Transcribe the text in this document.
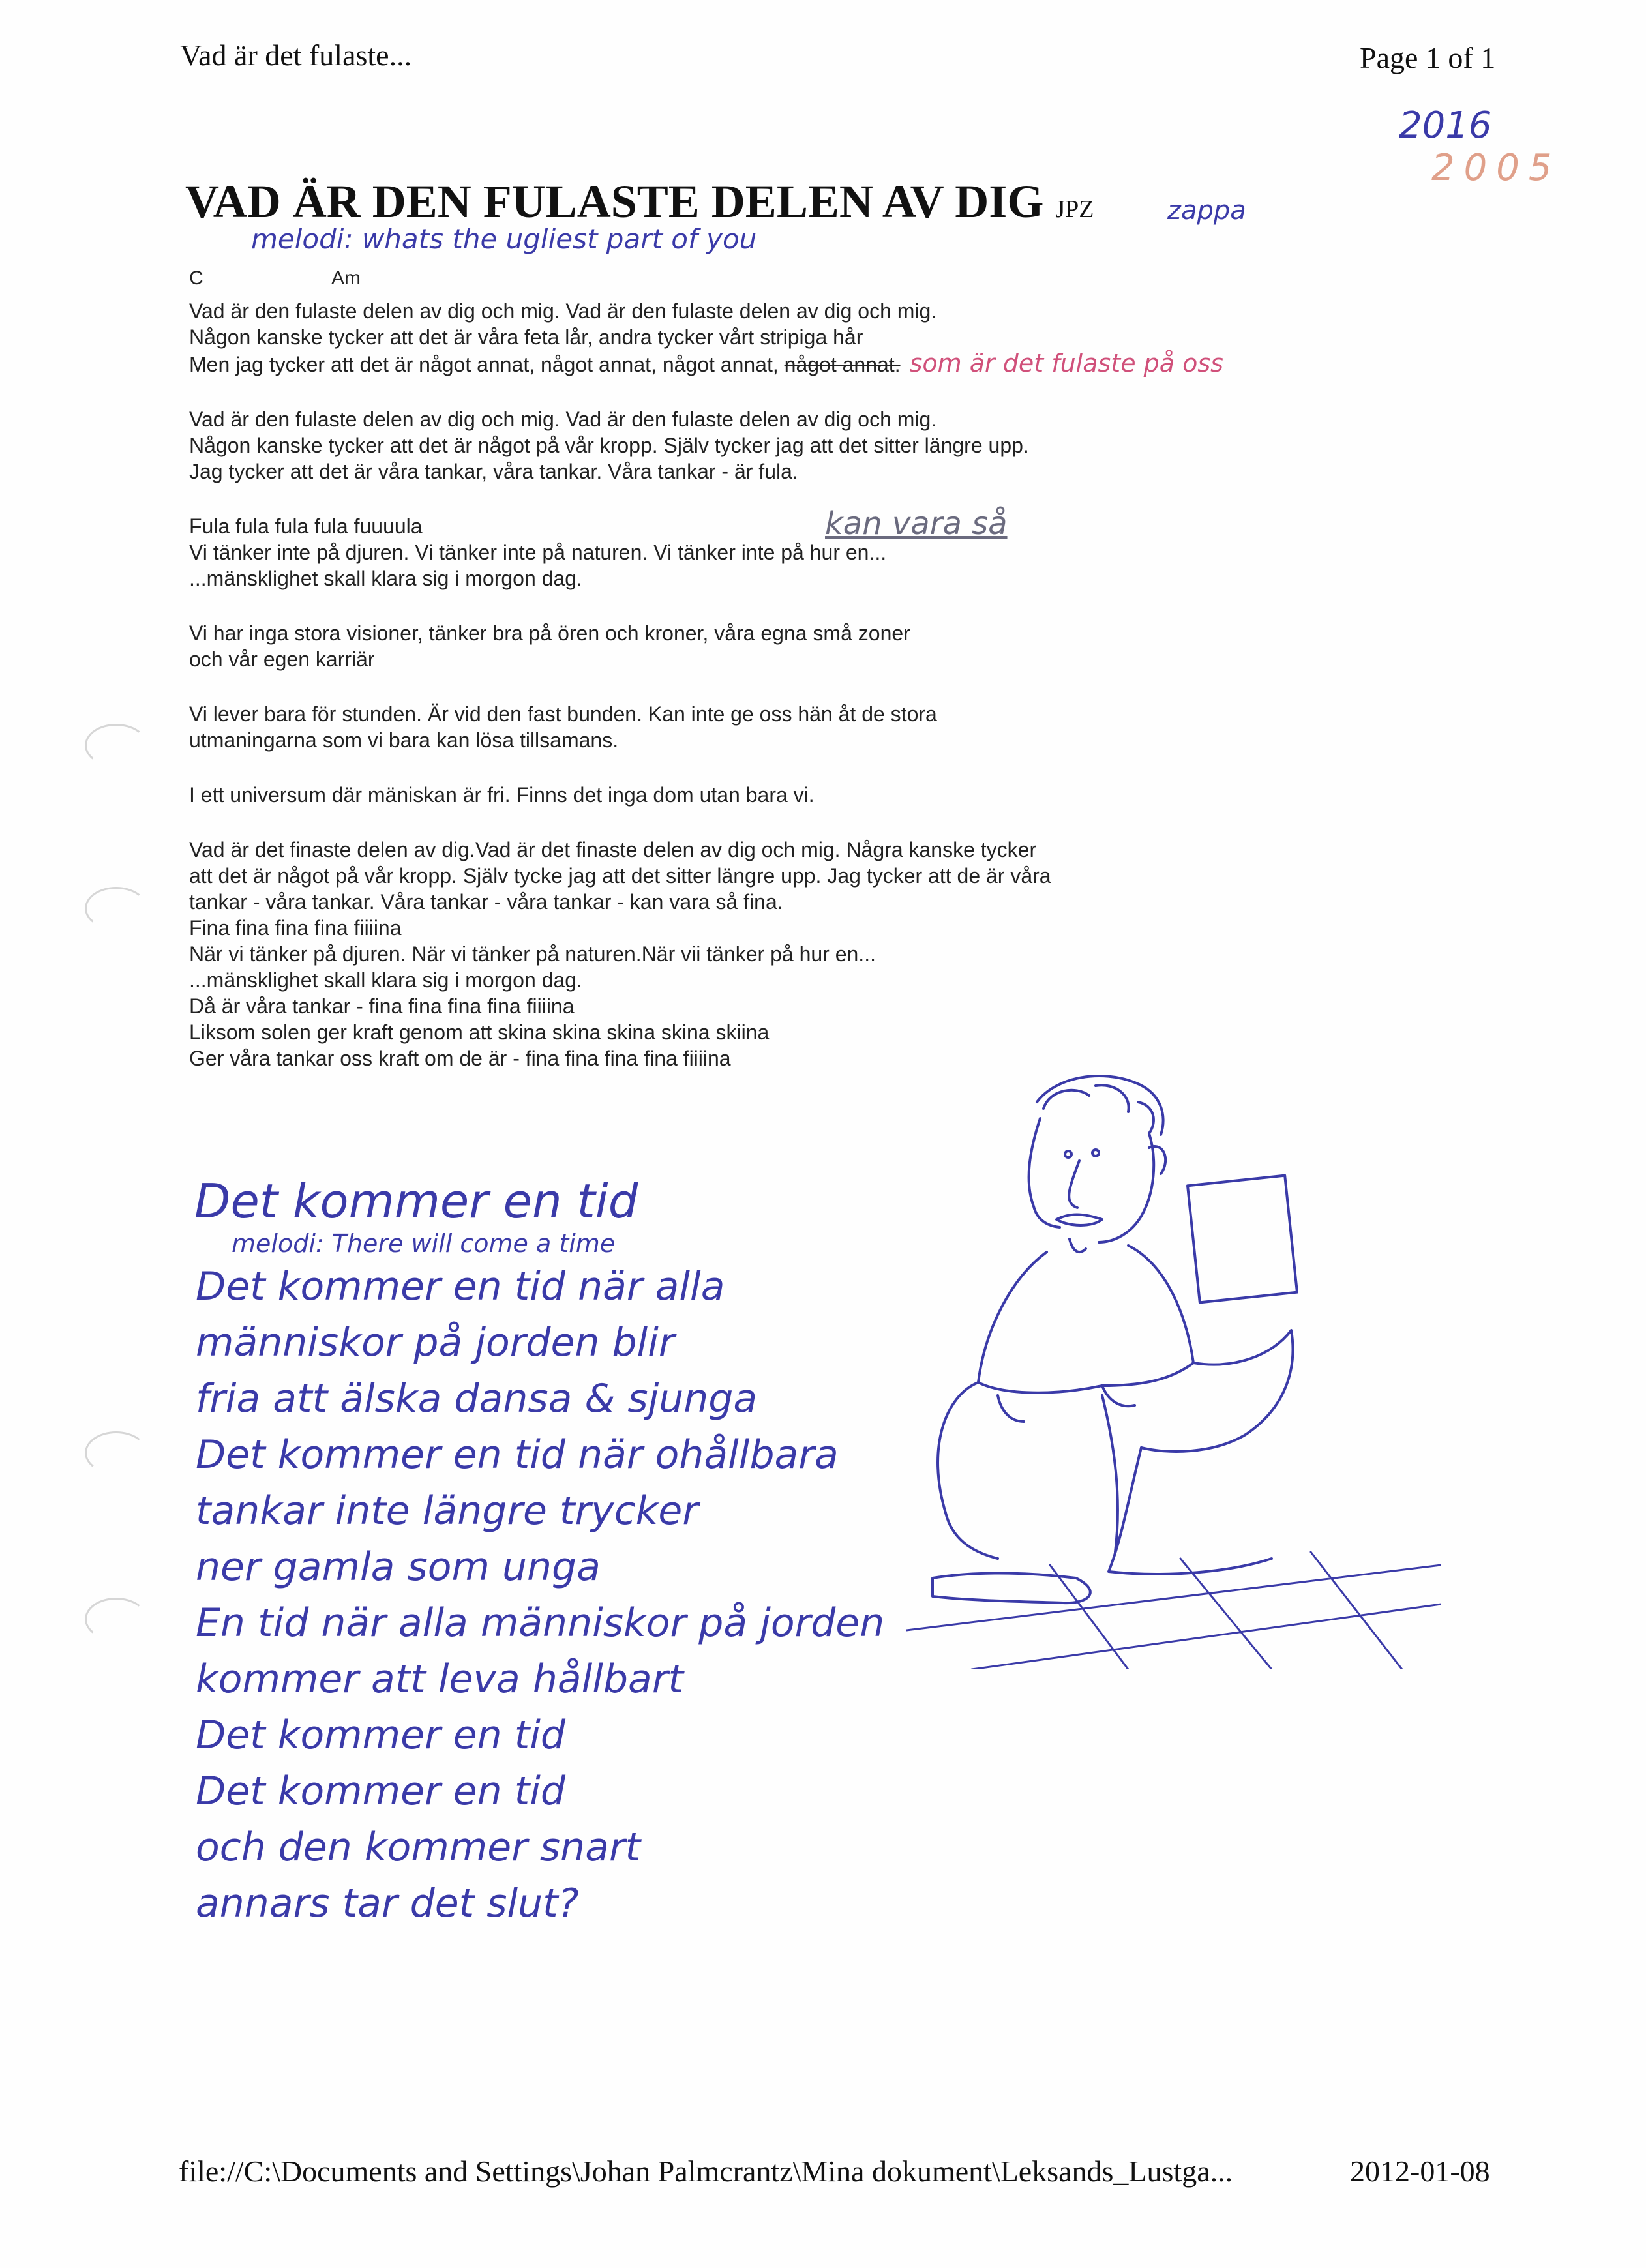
Vad är det fulaste...	Page 1 of 1

2016

2005

VAD ÄR DEN FULASTE DELEN AV DIG JPZ	zappa

melodi: whats the ugliest part of you

C	Am
Vad är den fulaste delen av dig och mig. Vad är den fulaste delen av dig och mig.
Någon kanske tycker att det är våra feta lår, andra tycker vårt stripiga hår
Men jag tycker att det är något annat, något annat, något annat, något annat. som är det fulaste på oss
Vad är den fulaste delen av dig och mig. Vad är den fulaste delen av dig och mig.
Någon kanske tycker att det är något på vår kropp. Själv tycker jag att det sitter längre upp.
Jag tycker att det är våra tankar, våra tankar. Våra tankar - är fula.
Fula fula fula fula fuuuula
Vi tänker inte på djuren. Vi tänker inte på naturen. Vi tänker inte på hur en...
...mänsklighet skall klara sig i morgon dag.
Vi har inga stora visioner, tänker bra på ören och kroner, våra egna små zoner
och vår egen karriär
Vi lever bara för stunden. Är vid den fast bunden. Kan inte ge oss hän åt de stora
utmaningarna som vi bara kan lösa tillsamans.
I ett universum där mäniskan är fri. Finns det inga dom utan bara vi.
Vad är det finaste delen av dig.Vad är det finaste delen av dig och mig. Några kanske tycker
att det är något på vår kropp. Själv tycke jag att det sitter längre upp. Jag tycker att de är våra
tankar - våra tankar. Våra tankar - våra tankar - kan vara så fina.
Fina fina fina fina fiiiina
När vi tänker på djuren. När vi tänker på naturen.När vii tänker på hur en...
...mänsklighet skall klara sig i morgon dag.
Då är våra tankar - fina fina fina fina fiiiina
Liksom solen ger kraft genom att skina skina skina skina skiina
Ger våra tankar oss kraft om de är - fina fina fina fina fiiiina

kan vara så

Det kommer en tid

melodi: There will come a time

Det kommer en tid när alla
människor på jorden blir
fria att älska dansa & sjunga
Det kommer en tid när ohållbara
tankar inte längre trycker
ner gamla som unga
En tid när alla människor på jorden
kommer att leva hållbart
Det kommer en tid
Det kommer en tid
och den kommer snart
annars tar det slut?

file://C:\Documents and Settings\Johan Palmcrantz\Mina dokument\Leksands_Lustga...	2012-01-08
